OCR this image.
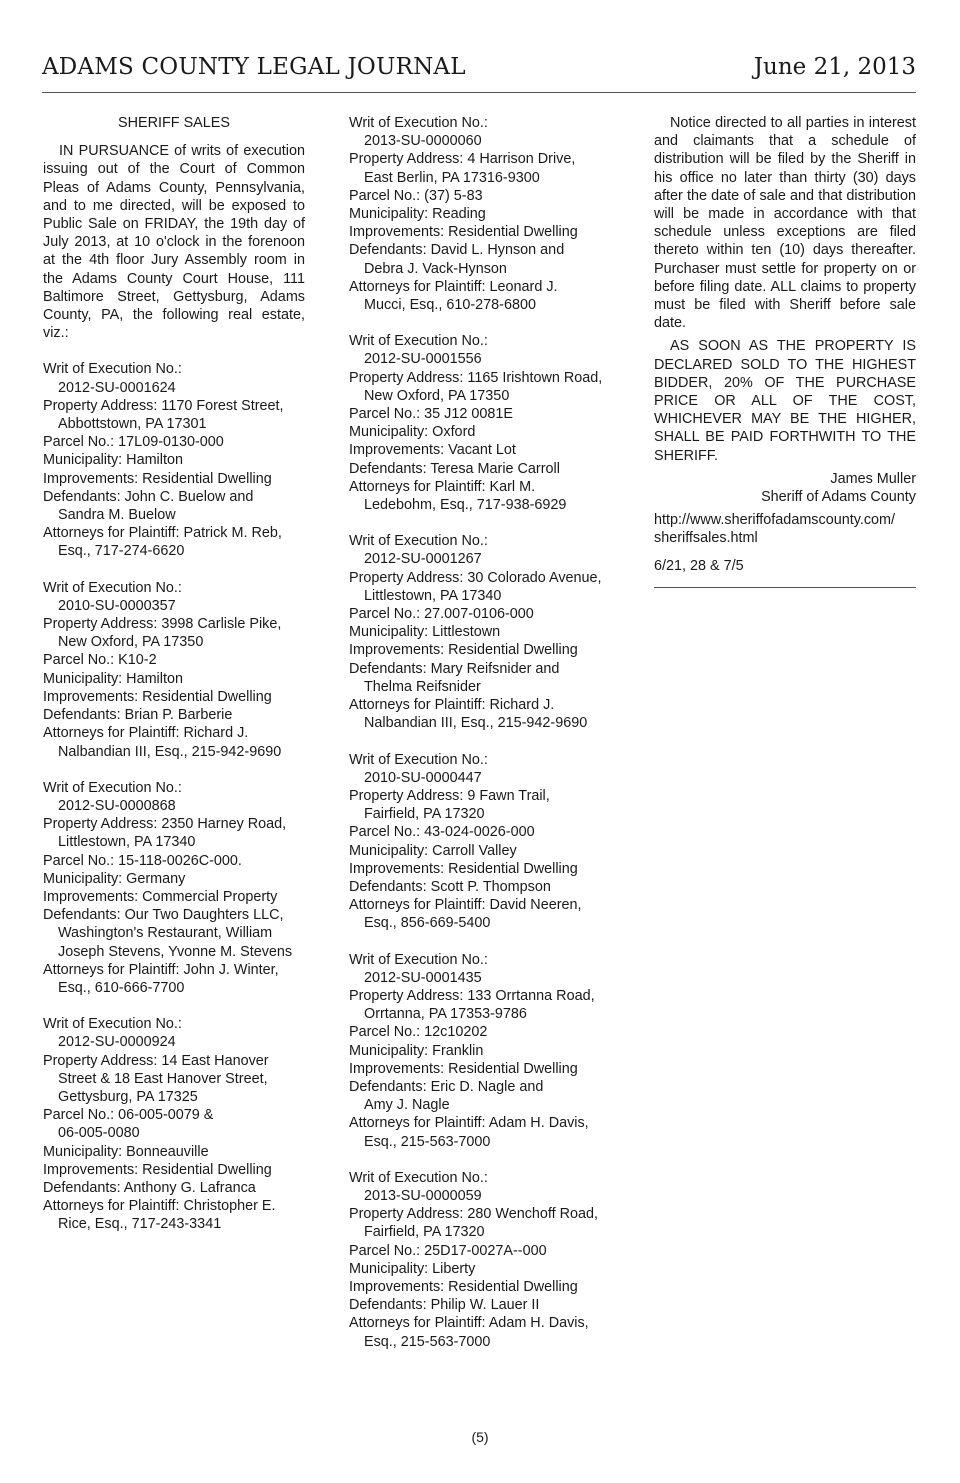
ADAMS COUNTY LEGAL JOURNAL	June 21, 2013
SHERIFF SALES

IN PURSUANCE of writs of execution issuing out of the Court of Common Pleas of Adams County, Pennsylvania, and to me directed, will be exposed to Public Sale on FRIDAY, the 19th day of July 2013, at 10 o'clock in the forenoon at the 4th floor Jury Assembly room in the Adams County Court House, 111 Baltimore Street, Gettysburg, Adams County, PA, the following real estate, viz.:

Writ of Execution No.:
2012-SU-0001624
Property Address: 1170 Forest Street,
Abbottstown, PA 17301
Parcel No.: 17L09-0130-000
Municipality: Hamilton
Improvements: Residential Dwelling
Defendants: John C. Buelow and
Sandra M. Buelow
Attorneys for Plaintiff: Patrick M. Reb,
Esq., 717-274-6620
Writ of Execution No.:
2010-SU-0000357
Property Address: 3998 Carlisle Pike,
New Oxford, PA 17350
Parcel No.: K10-2
Municipality: Hamilton
Improvements: Residential Dwelling
Defendants: Brian P. Barberie
Attorneys for Plaintiff: Richard J.
Nalbandian III, Esq., 215-942-9690
Writ of Execution No.:
2012-SU-0000868
Property Address: 2350 Harney Road,
Littlestown, PA 17340
Parcel No.: 15-118-0026C-000.
Municipality: Germany
Improvements: Commercial Property
Defendants: Our Two Daughters LLC,
Washington's Restaurant, William
Joseph Stevens, Yvonne M. Stevens
Attorneys for Plaintiff: John J. Winter,
Esq., 610-666-7700
Writ of Execution No.:
2012-SU-0000924
Property Address: 14 East Hanover
Street & 18 East Hanover Street,
Gettysburg, PA 17325
Parcel No.: 06-005-0079 &
06-005-0080
Municipality: Bonneauville
Improvements: Residential Dwelling
Defendants: Anthony G. Lafranca
Attorneys for Plaintiff: Christopher E.
Rice, Esq., 717-243-3341
Writ of Execution No.:
2013-SU-0000060
Property Address: 4 Harrison Drive,
East Berlin, PA 17316-9300
Parcel No.: (37) 5-83
Municipality: Reading
Improvements: Residential Dwelling
Defendants: David L. Hynson and
Debra J. Vack-Hynson
Attorneys for Plaintiff: Leonard J.
Mucci, Esq., 610-278-6800
Writ of Execution No.:
2012-SU-0001556
Property Address: 1165 Irishtown Road,
New Oxford, PA 17350
Parcel No.: 35 J12 0081E
Municipality: Oxford
Improvements: Vacant Lot
Defendants: Teresa Marie Carroll
Attorneys for Plaintiff: Karl M.
Ledebohm, Esq., 717-938-6929
Writ of Execution No.:
2012-SU-0001267
Property Address: 30 Colorado Avenue,
Littlestown, PA 17340
Parcel No.: 27.007-0106-000
Municipality: Littlestown
Improvements: Residential Dwelling
Defendants: Mary Reifsnider and
Thelma Reifsnider
Attorneys for Plaintiff: Richard J.
Nalbandian III, Esq., 215-942-9690
Writ of Execution No.:
2010-SU-0000447
Property Address: 9 Fawn Trail,
Fairfield, PA 17320
Parcel No.: 43-024-0026-000
Municipality: Carroll Valley
Improvements: Residential Dwelling
Defendants: Scott P. Thompson
Attorneys for Plaintiff: David Neeren,
Esq., 856-669-5400
Writ of Execution No.:
2012-SU-0001435
Property Address: 133 Orrtanna Road,
Orrtanna, PA 17353-9786
Parcel No.: 12c10202
Municipality: Franklin
Improvements: Residential Dwelling
Defendants: Eric D. Nagle and
Amy J. Nagle
Attorneys for Plaintiff: Adam H. Davis,
Esq., 215-563-7000
Writ of Execution No.:
2013-SU-0000059
Property Address: 280 Wenchoff Road,
Fairfield, PA 17320
Parcel No.: 25D17-0027A--000
Municipality: Liberty
Improvements: Residential Dwelling
Defendants: Philip W. Lauer II
Attorneys for Plaintiff: Adam H. Davis,
Esq., 215-563-7000

Notice directed to all parties in interest and claimants that a schedule of distribution will be filed by the Sheriff in his office no later than thirty (30) days after the date of sale and that distribution will be made in accordance with that schedule unless exceptions are filed thereto within ten (10) days thereafter. Purchaser must settle for property on or before filing date. ALL claims to property must be filed with Sheriff before sale date.

AS SOON AS THE PROPERTY IS DECLARED SOLD TO THE HIGHEST BIDDER, 20% OF THE PURCHASE PRICE OR ALL OF THE COST, WHICHEVER MAY BE THE HIGHER, SHALL BE PAID FORTHWITH TO THE SHERIFF.

James Muller
Sheriff of Adams County
http://www.sheriffofadamscounty.com/
sheriffsales.html
6/21, 28 & 7/5
(5)
